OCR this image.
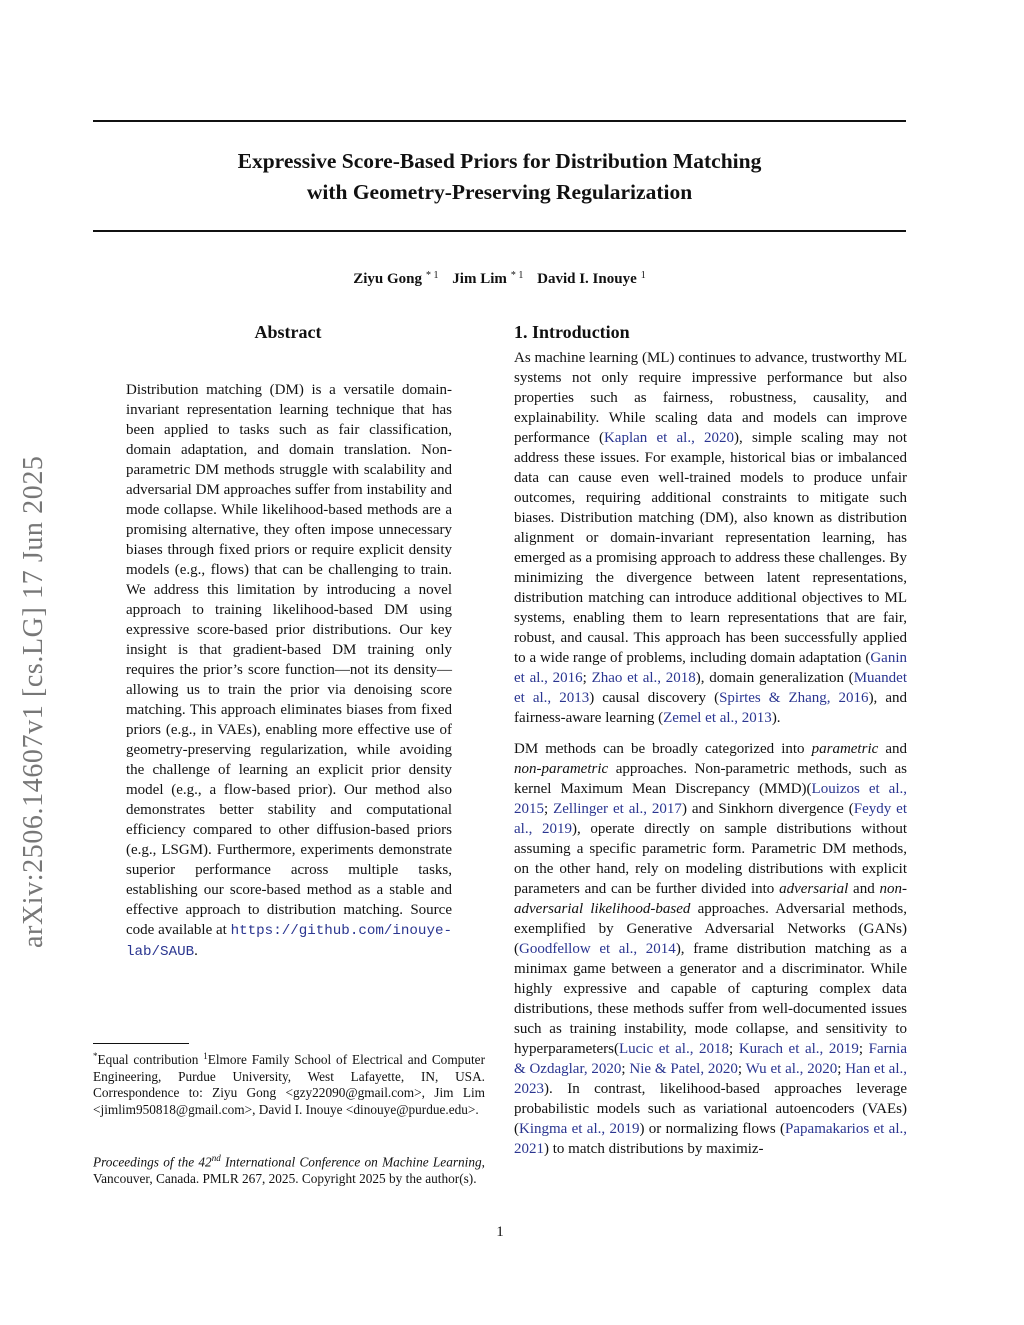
Expressive Score-Based Priors for Distribution Matching
with Geometry-Preserving Regularization
Ziyu Gong $^{* 1}$ Jim Lim $^{* 1}$ David I. Inouye $^1$
arXiv:2506.14607v1 [cs.LG] 17 Jun 2025
Abstract
Distribution matching (DM) is a versatile domain-invariant representation learning technique that has been applied to tasks such as fair classification, domain adaptation, and domain translation. Non-parametric DM methods struggle with scalability and adversarial DM approaches suffer from instability and mode collapse. While likelihood-based methods are a promising alternative, they often impose unnecessary biases through fixed priors or require explicit density models (e.g., flows) that can be challenging to train. We address this limitation by introducing a novel approach to training likelihood-based DM using expressive score-based prior distributions. Our key insight is that gradient-based DM training only requires the prior’s score function—not its density—allowing us to train the prior via denoising score matching. This approach eliminates biases from fixed priors (e.g., in VAEs), enabling more effective use of geometry-preserving regularization, while avoiding the challenge of learning an explicit prior density model (e.g., a flow-based prior). Our method also demonstrates better stability and computational efficiency compared to other diffusion-based priors (e.g., LSGM). Furthermore, experiments demonstrate superior performance across multiple tasks, establishing our score-based method as a stable and effective approach to distribution matching. Source code available at https://github.com/inouye-lab/SAUB.
*Equal contribution $^1$Elmore Family School of Electrical and Computer Engineering, Purdue University, West Lafayette, IN, USA. Correspondence to: Ziyu Gong <gzy22090@gmail.com>, Jim Lim <jimlim950818@gmail.com>, David I. Inouye <dinouye@purdue.edu>.
Proceedings of the 42nd International Conference on Machine Learning, Vancouver, Canada. PMLR 267, 2025. Copyright 2025 by the author(s).
1. Introduction

As machine learning (ML) continues to advance, trustworthy ML systems not only require impressive performance but also properties such as fairness, robustness, causality, and explainability. While scaling data and models can improve performance (Kaplan et al., 2020), simple scaling may not address these issues. For example, historical bias or imbalanced data can cause even well-trained models to produce unfair outcomes, requiring additional constraints to mitigate such biases. Distribution matching (DM), also known as distribution alignment or domain-invariant representation learning, has emerged as a promising approach to address these challenges. By minimizing the divergence between latent representations, distribution matching can introduce additional objectives to ML systems, enabling them to learn representations that are fair, robust, and causal. This approach has been successfully applied to a wide range of problems, including domain adaptation (Ganin et al., 2016; Zhao et al., 2018), domain generalization (Muandet et al., 2013) causal discovery (Spirtes & Zhang, 2016), and fairness-aware learning (Zemel et al., 2013).

DM methods can be broadly categorized into parametric and non-parametric approaches. Non-parametric methods, such as kernel Maximum Mean Discrepancy (MMD)(Louizos et al., 2015; Zellinger et al., 2017) and Sinkhorn divergence (Feydy et al., 2019), operate directly on sample distributions without assuming a specific parametric form. Parametric DM methods, on the other hand, rely on modeling distributions with explicit parameters and can be further divided into adversarial and non-adversarial likelihood-based approaches. Adversarial methods, exemplified by Generative Adversarial Networks (GANs)(Goodfellow et al., 2014), frame distribution matching as a minimax game between a generator and a discriminator. While highly expressive and capable of capturing complex data distributions, these methods suffer from well-documented issues such as training instability, mode collapse, and sensitivity to hyperparameters(Lucic et al., 2018; Kurach et al., 2019; Farnia & Ozdaglar, 2020; Nie & Patel, 2020; Wu et al., 2020; Han et al., 2023). In contrast, likelihood-based approaches leverage probabilistic models such as variational autoencoders (VAEs) (Kingma et al., 2019) or normalizing flows (Papamakarios et al., 2021) to match distributions by maximiz-

1
